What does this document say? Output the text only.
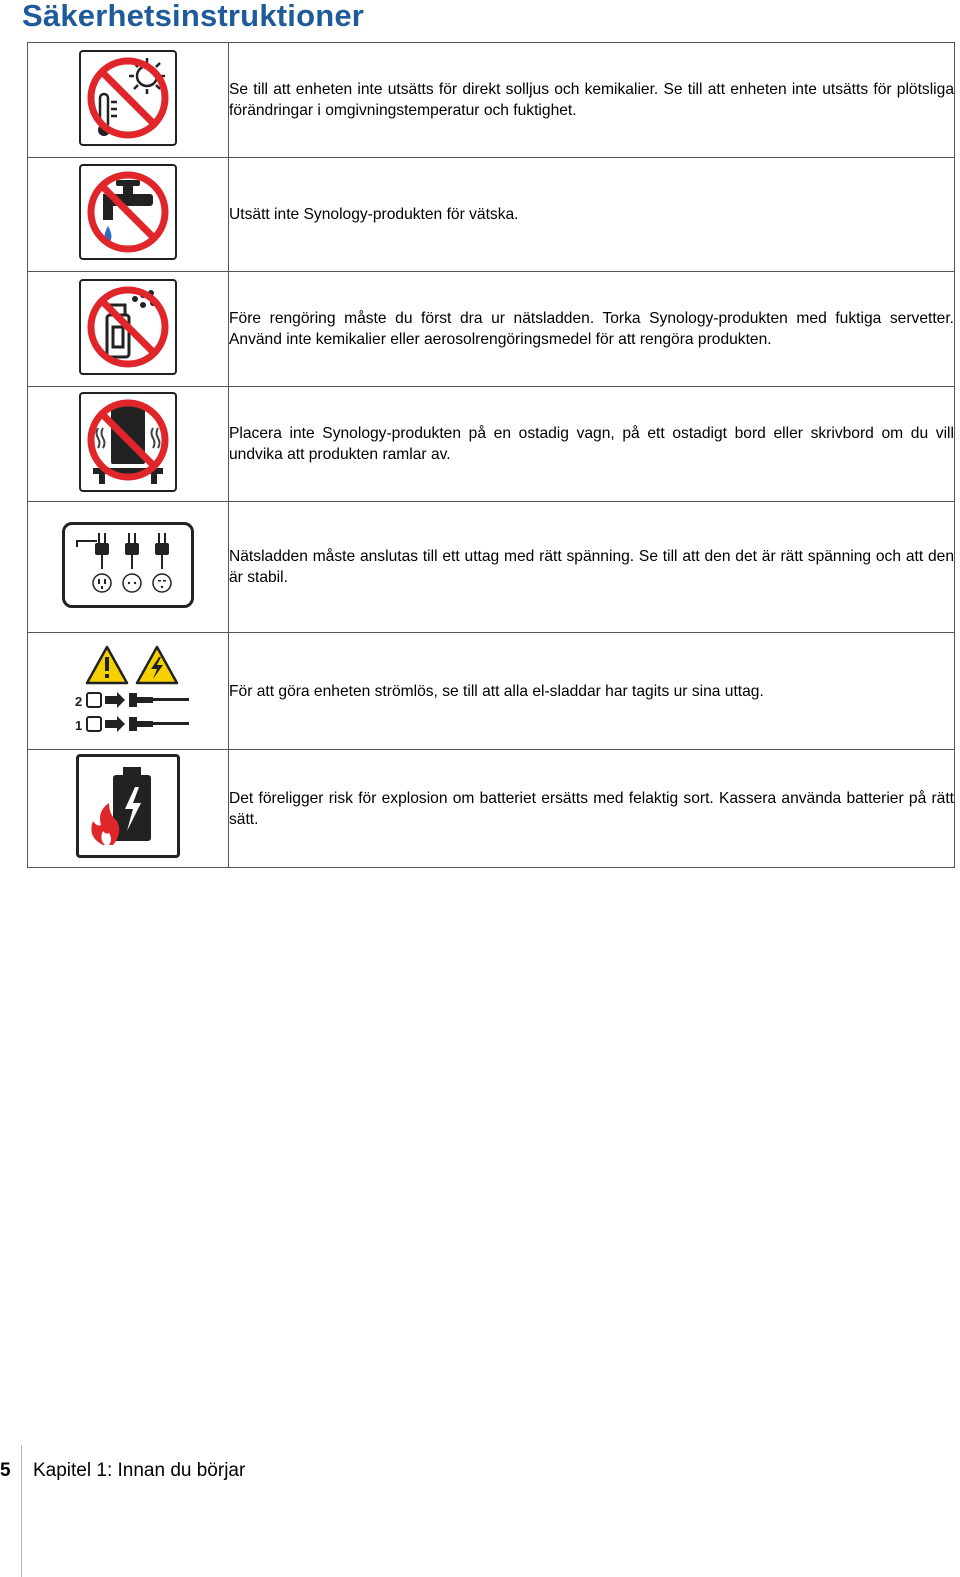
Säkerhetsinstruktioner

Se till att enheten inte utsätts för direkt solljus och kemikalier. Se till att enheten inte utsätts för plötsliga förändringar i omgivningstemperatur och fuktighet.

Utsätt inte Synology-produkten för vätska.

Före rengöring måste du först dra ur nätsladden. Torka Synology-produkten med fuktiga servetter. Använd inte kemikalier eller aerosolrengöringsmedel för att rengöra produkten.

Placera inte Synology-produkten på en ostadig vagn, på ett ostadigt bord eller skrivbord om du vill undvika att produkten ramlar av.

Nätsladden måste anslutas till ett uttag med rätt spänning. Se till att den det är rätt spänning och att den är stabil.

2
1	För att göra enheten strömlös, se till att alla el-sladdar har tagits ur sina uttag.

Det föreligger risk för explosion om batteriet ersätts med felaktig sort. Kassera använda batterier på rätt sätt.

5 Kapitel 1: Innan du börjar
